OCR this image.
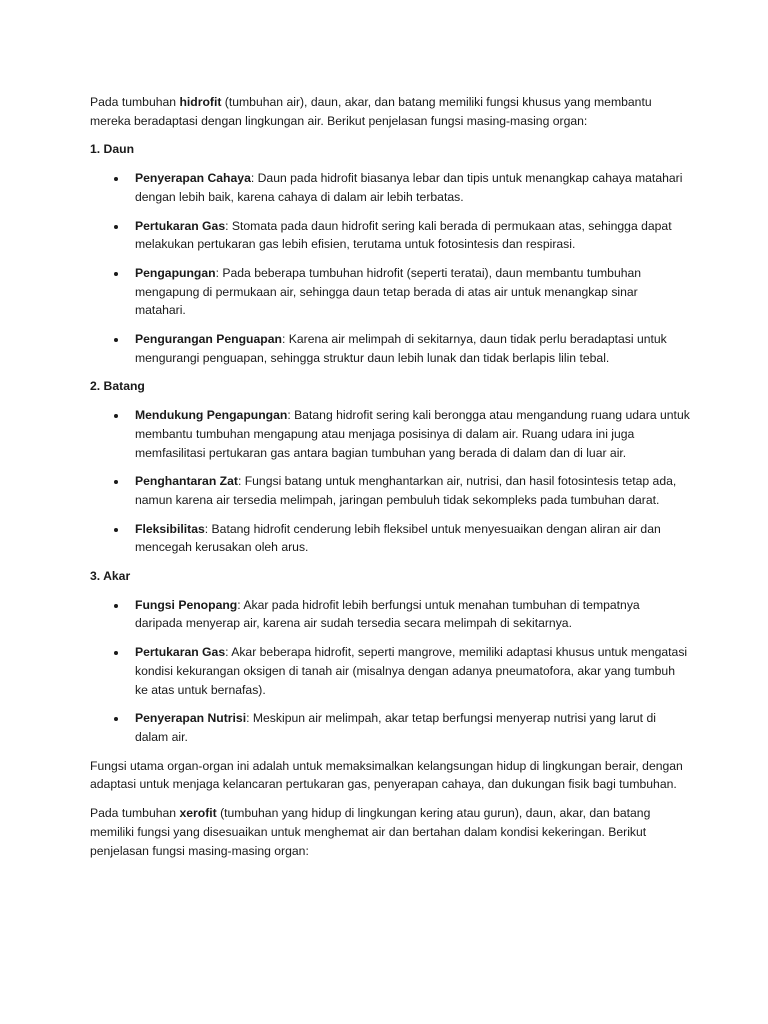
Pada tumbuhan hidrofit (tumbuhan air), daun, akar, dan batang memiliki fungsi khusus yang membantu mereka beradaptasi dengan lingkungan air. Berikut penjelasan fungsi masing-masing organ:

1. Daun

Penyerapan Cahaya: Daun pada hidrofit biasanya lebar dan tipis untuk menangkap cahaya matahari dengan lebih baik, karena cahaya di dalam air lebih terbatas.
Pertukaran Gas: Stomata pada daun hidrofit sering kali berada di permukaan atas, sehingga dapat melakukan pertukaran gas lebih efisien, terutama untuk fotosintesis dan respirasi.
Pengapungan: Pada beberapa tumbuhan hidrofit (seperti teratai), daun membantu tumbuhan mengapung di permukaan air, sehingga daun tetap berada di atas air untuk menangkap sinar matahari.
Pengurangan Penguapan: Karena air melimpah di sekitarnya, daun tidak perlu beradaptasi untuk mengurangi penguapan, sehingga struktur daun lebih lunak dan tidak berlapis lilin tebal.

2. Batang

Mendukung Pengapungan: Batang hidrofit sering kali berongga atau mengandung ruang udara untuk membantu tumbuhan mengapung atau menjaga posisinya di dalam air. Ruang udara ini juga memfasilitasi pertukaran gas antara bagian tumbuhan yang berada di dalam dan di luar air.
Penghantaran Zat: Fungsi batang untuk menghantarkan air, nutrisi, dan hasil fotosintesis tetap ada, namun karena air tersedia melimpah, jaringan pembuluh tidak sekompleks pada tumbuhan darat.
Fleksibilitas: Batang hidrofit cenderung lebih fleksibel untuk menyesuaikan dengan aliran air dan mencegah kerusakan oleh arus.

3. Akar

Fungsi Penopang: Akar pada hidrofit lebih berfungsi untuk menahan tumbuhan di tempatnya daripada menyerap air, karena air sudah tersedia secara melimpah di sekitarnya.
Pertukaran Gas: Akar beberapa hidrofit, seperti mangrove, memiliki adaptasi khusus untuk mengatasi kondisi kekurangan oksigen di tanah air (misalnya dengan adanya pneumatofora, akar yang tumbuh ke atas untuk bernafas).
Penyerapan Nutrisi: Meskipun air melimpah, akar tetap berfungsi menyerap nutrisi yang larut di dalam air.

Fungsi utama organ-organ ini adalah untuk memaksimalkan kelangsungan hidup di lingkungan berair, dengan adaptasi untuk menjaga kelancaran pertukaran gas, penyerapan cahaya, dan dukungan fisik bagi tumbuhan.

Pada tumbuhan xerofit (tumbuhan yang hidup di lingkungan kering atau gurun), daun, akar, dan batang memiliki fungsi yang disesuaikan untuk menghemat air dan bertahan dalam kondisi kekeringan. Berikut penjelasan fungsi masing-masing organ:
